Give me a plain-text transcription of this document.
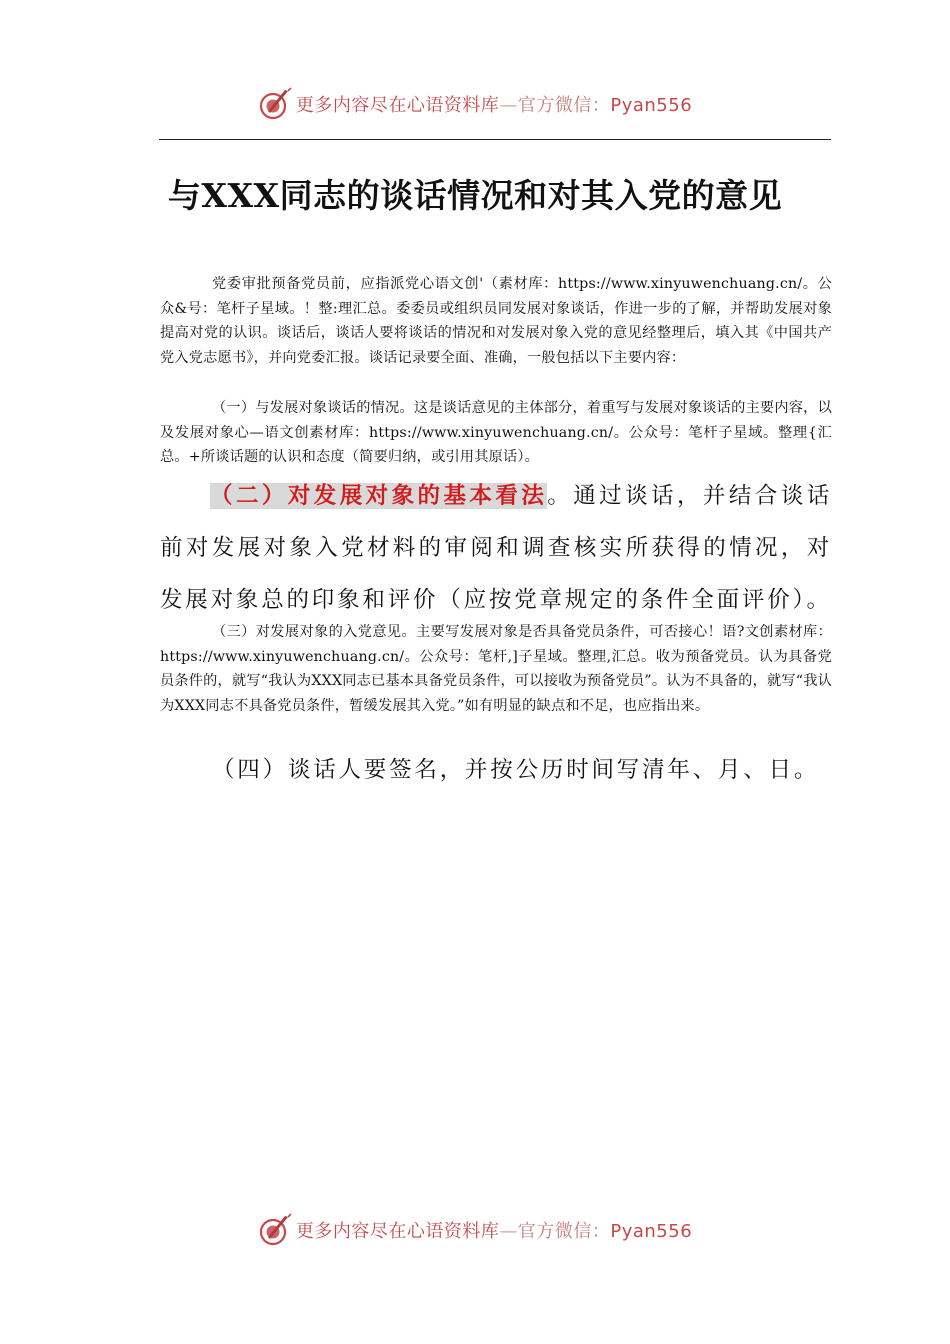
更多内容尽在心语资料库—官方微信：Pyan556
与XXX同志的谈话情况和对其入党的意见

党委审批预备党员前，应指派党心语文创'（素材库：https://www.xinyuwenchuang.cn/。公众&号：笔杆子星域。！整:理汇总。委委员或组织员同发展对象谈话，作进一步的了解，并帮助发展对象提高对党的认识。谈话后，谈话人要将谈话的情况和对发展对象入党的意见经整理后，填入其《中国共产党入党志愿书》，并向党委汇报。谈话记录要全面、准确，一般包括以下主要内容：

（一）与发展对象谈话的情况。这是谈话意见的主体部分，着重写与发展对象谈话的主要内容，以及发展对象心—语文创素材库：https://www.xinyuwenchuang.cn/。公众号：笔杆子星域。整理{汇总。+所谈话题的认识和态度（简要归纳，或引用其原话）。

（二）对发展对象的基本看法。通过谈话，并结合谈话前对发展对象入党材料的审阅和调查核实所获得的情况，对发展对象总的印象和评价（应按党章规定的条件全面评价）。

（三）对发展对象的入党意见。主要写发展对象是否具备党员条件，可否接心！语?文创素材库：https://www.xinyuwenchuang.cn/。公众号：笔杆,]子星域。整理,汇总。收为预备党员。认为具备党员条件的，就写“我认为XXX同志已基本具备党员条件，可以接收为预备党员”。认为不具备的，就写“我认为XXX同志不具备党员条件，暂缓发展其入党。”如有明显的缺点和不足，也应指出来。

（四）谈话人要签名，并按公历时间写清年、月、日。

更多内容尽在心语资料库—官方微信：Pyan556
